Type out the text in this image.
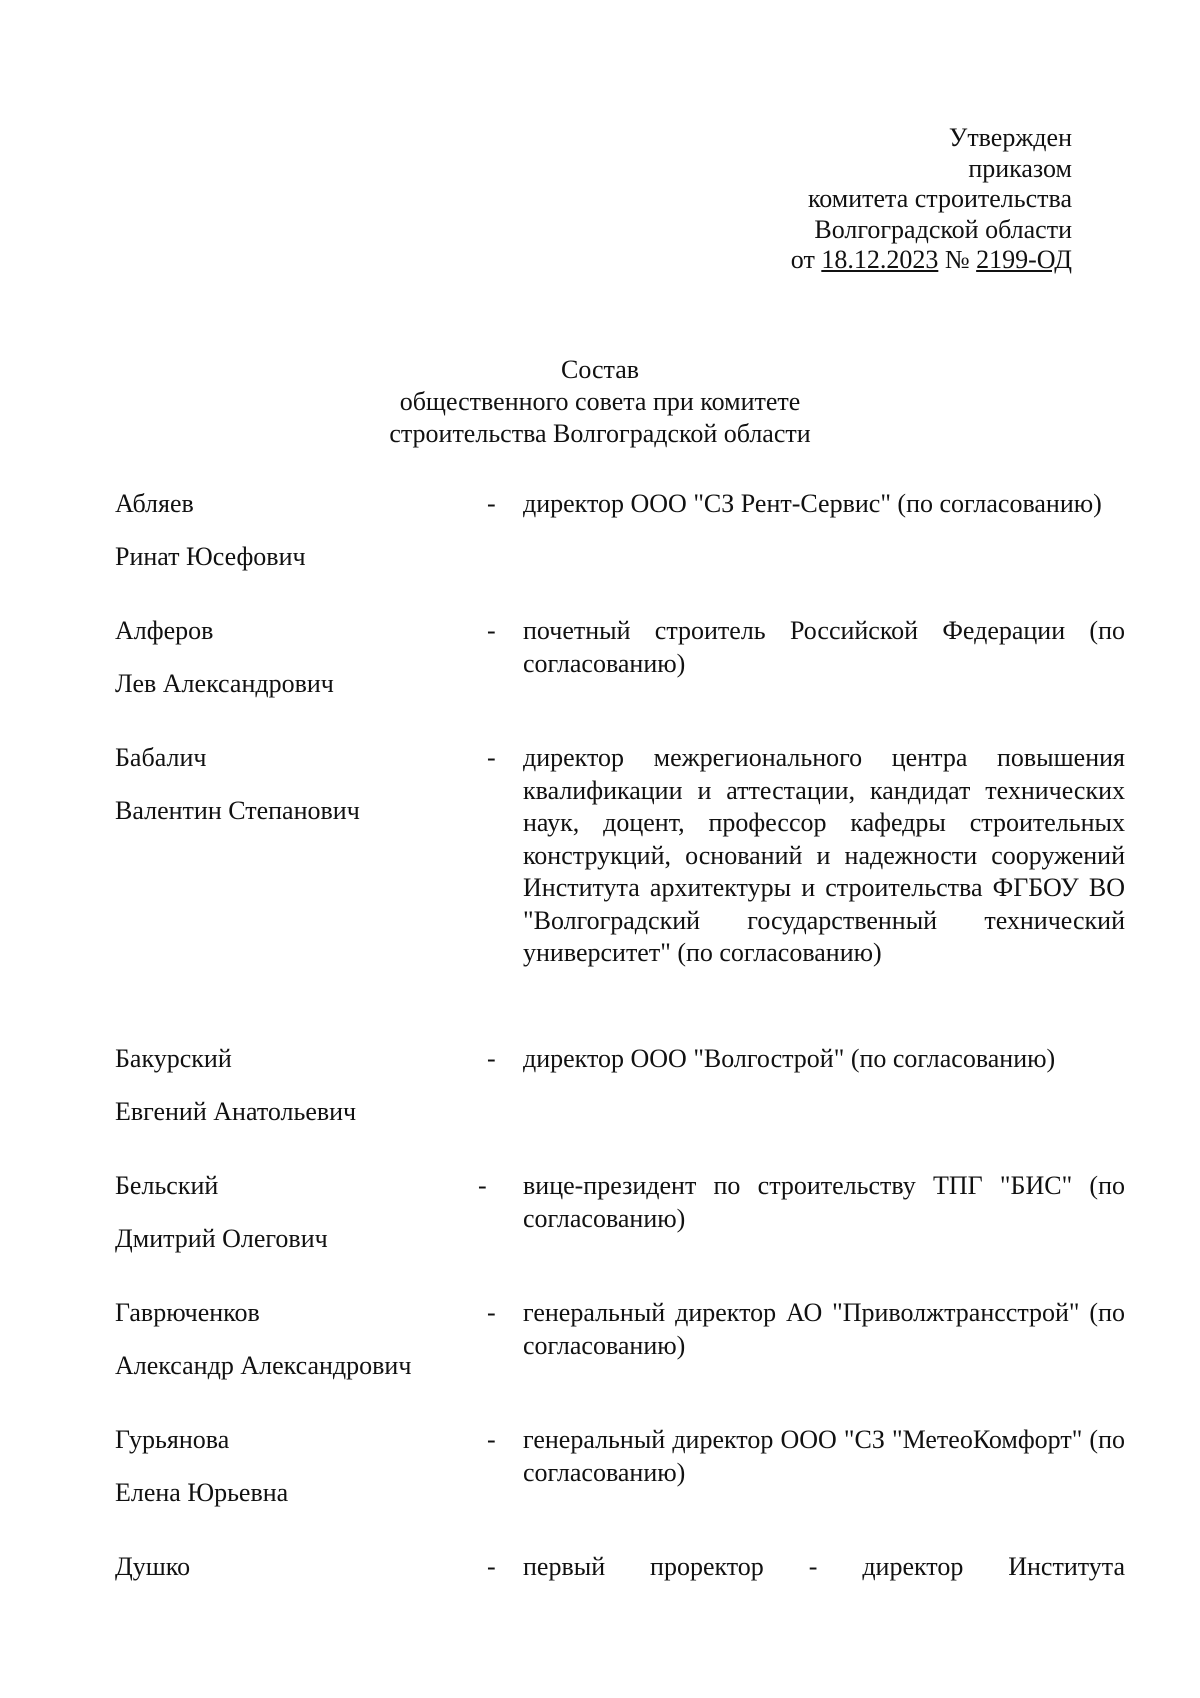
Утвержден
приказом
комитета строительства
Волгоградской области
от 18.12.2023 № 2199-ОД
Состав
общественного совета при комитете
строительства Волгоградской области
Абляев
Ринат Юсефович
- директор ООО "СЗ Рент-Сервис" (по согласованию)
Алферов
Лев Александрович
- почетный строитель Российской Федерации (по согласованию)
Бабалич
Валентин Степанович
- директор межрегионального центра повышения квалификации и аттестации, кандидат технических наук, доцент, профессор кафедры строительных конструкций, оснований и надежности сооружений Института архитектуры и строительства ФГБОУ ВО "Волгоградский государственный технический университет" (по согласованию)
Бакурский
Евгений Анатольевич
- директор ООО "Волгострой" (по согласованию)
Бельский
Дмитрий Олегович
- вице-президент по строительству ТПГ "БИС" (по согласованию)
Гаврюченков
Александр Александрович
- генеральный директор АО "Приволжтрансстрой" (по согласованию)
Гурьянова
Елена Юрьевна
- генеральный директор ООО "СЗ "МетеоКомфорт" (по согласованию)
Душко	- первый проректор - директор Института
